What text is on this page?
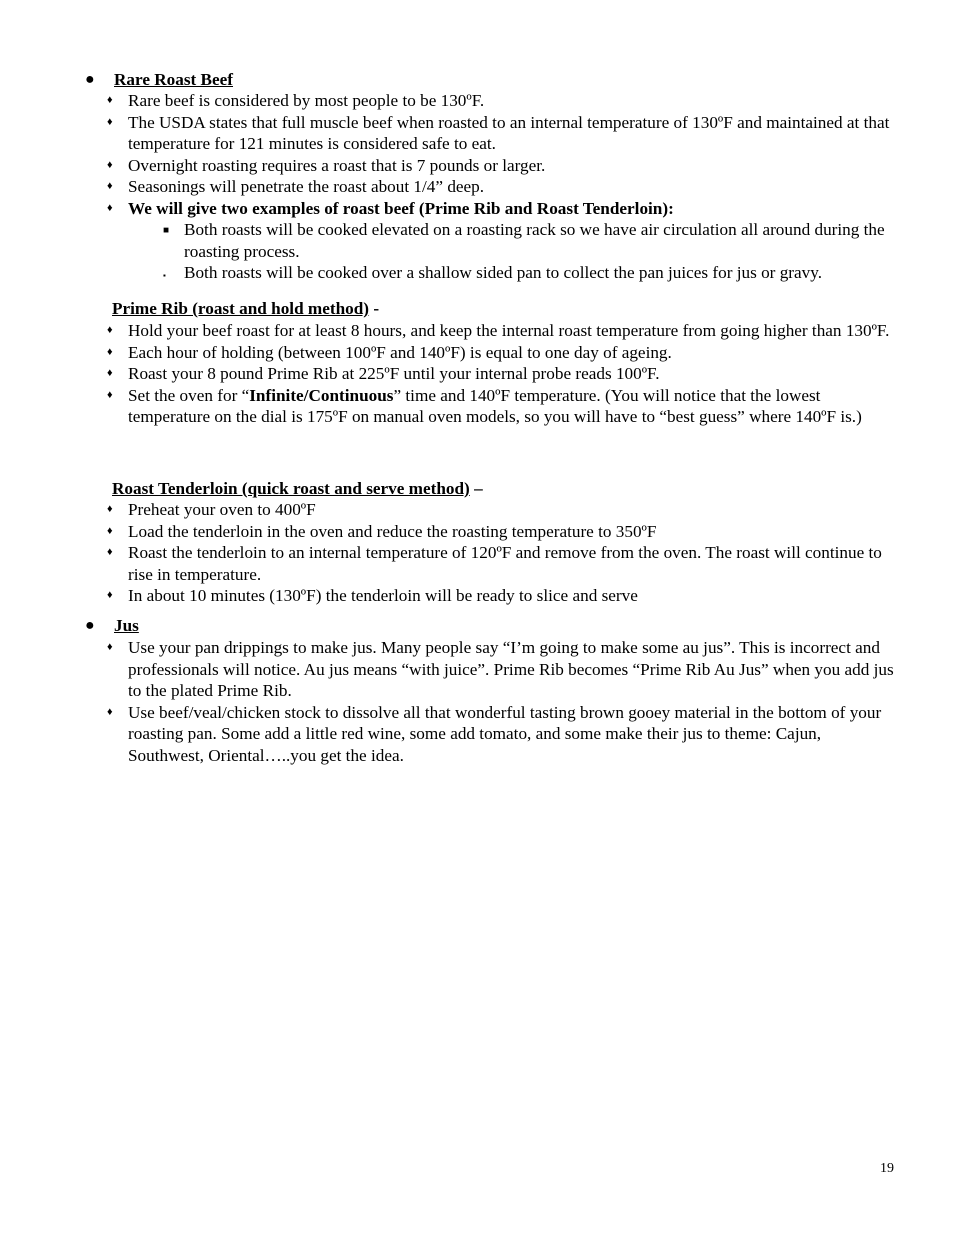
● Rare Roast Beef
♦ Rare beef is considered by most people to be 130ºF.
♦ The USDA states that full muscle beef when roasted to an internal temperature of 130ºF and maintained at that temperature for 121 minutes is considered safe to eat.
♦ Overnight roasting requires a roast that is 7 pounds or larger.
♦ Seasonings will penetrate the roast about 1/4” deep.
♦ We will give two examples of roast beef (Prime Rib and Roast Tenderloin):
■ Both roasts will be cooked elevated on a roasting rack so we have air circulation all around during the roasting process.
▪ Both roasts will be cooked over a shallow sided pan to collect the pan juices for jus or gravy.
Prime Rib (roast and hold method) -
♦ Hold your beef roast for at least 8 hours, and keep the internal roast temperature from going higher than 130ºF.
♦ Each hour of holding (between 100ºF and 140ºF) is equal to one day of ageing.
♦ Roast your 8 pound Prime Rib at 225ºF until your internal probe reads 100ºF.
♦ Set the oven for “Infinite/Continuous” time and 140ºF temperature. (You will notice that the lowest temperature on the dial is 175ºF on manual oven models, so you will have to “best guess” where 140ºF is.)
Roast Tenderloin (quick roast and serve method) –
♦ Preheat your oven to 400ºF
♦ Load the tenderloin in the oven and reduce the roasting temperature to 350ºF
♦ Roast the tenderloin to an internal temperature of 120ºF and remove from the oven. The roast will continue to rise in temperature.
♦ In about 10 minutes (130ºF) the tenderloin will be ready to slice and serve
● Jus
♦ Use your pan drippings to make jus. Many people say “I’m going to make some au jus”. This is incorrect and professionals will notice. Au jus means “with juice”. Prime Rib becomes “Prime Rib Au Jus” when you add jus to the plated Prime Rib.
♦ Use beef/veal/chicken stock to dissolve all that wonderful tasting brown gooey material in the bottom of your roasting pan. Some add a little red wine, some add tomato, and some make their jus to theme: Cajun, Southwest, Oriental…..you get the idea.
19
